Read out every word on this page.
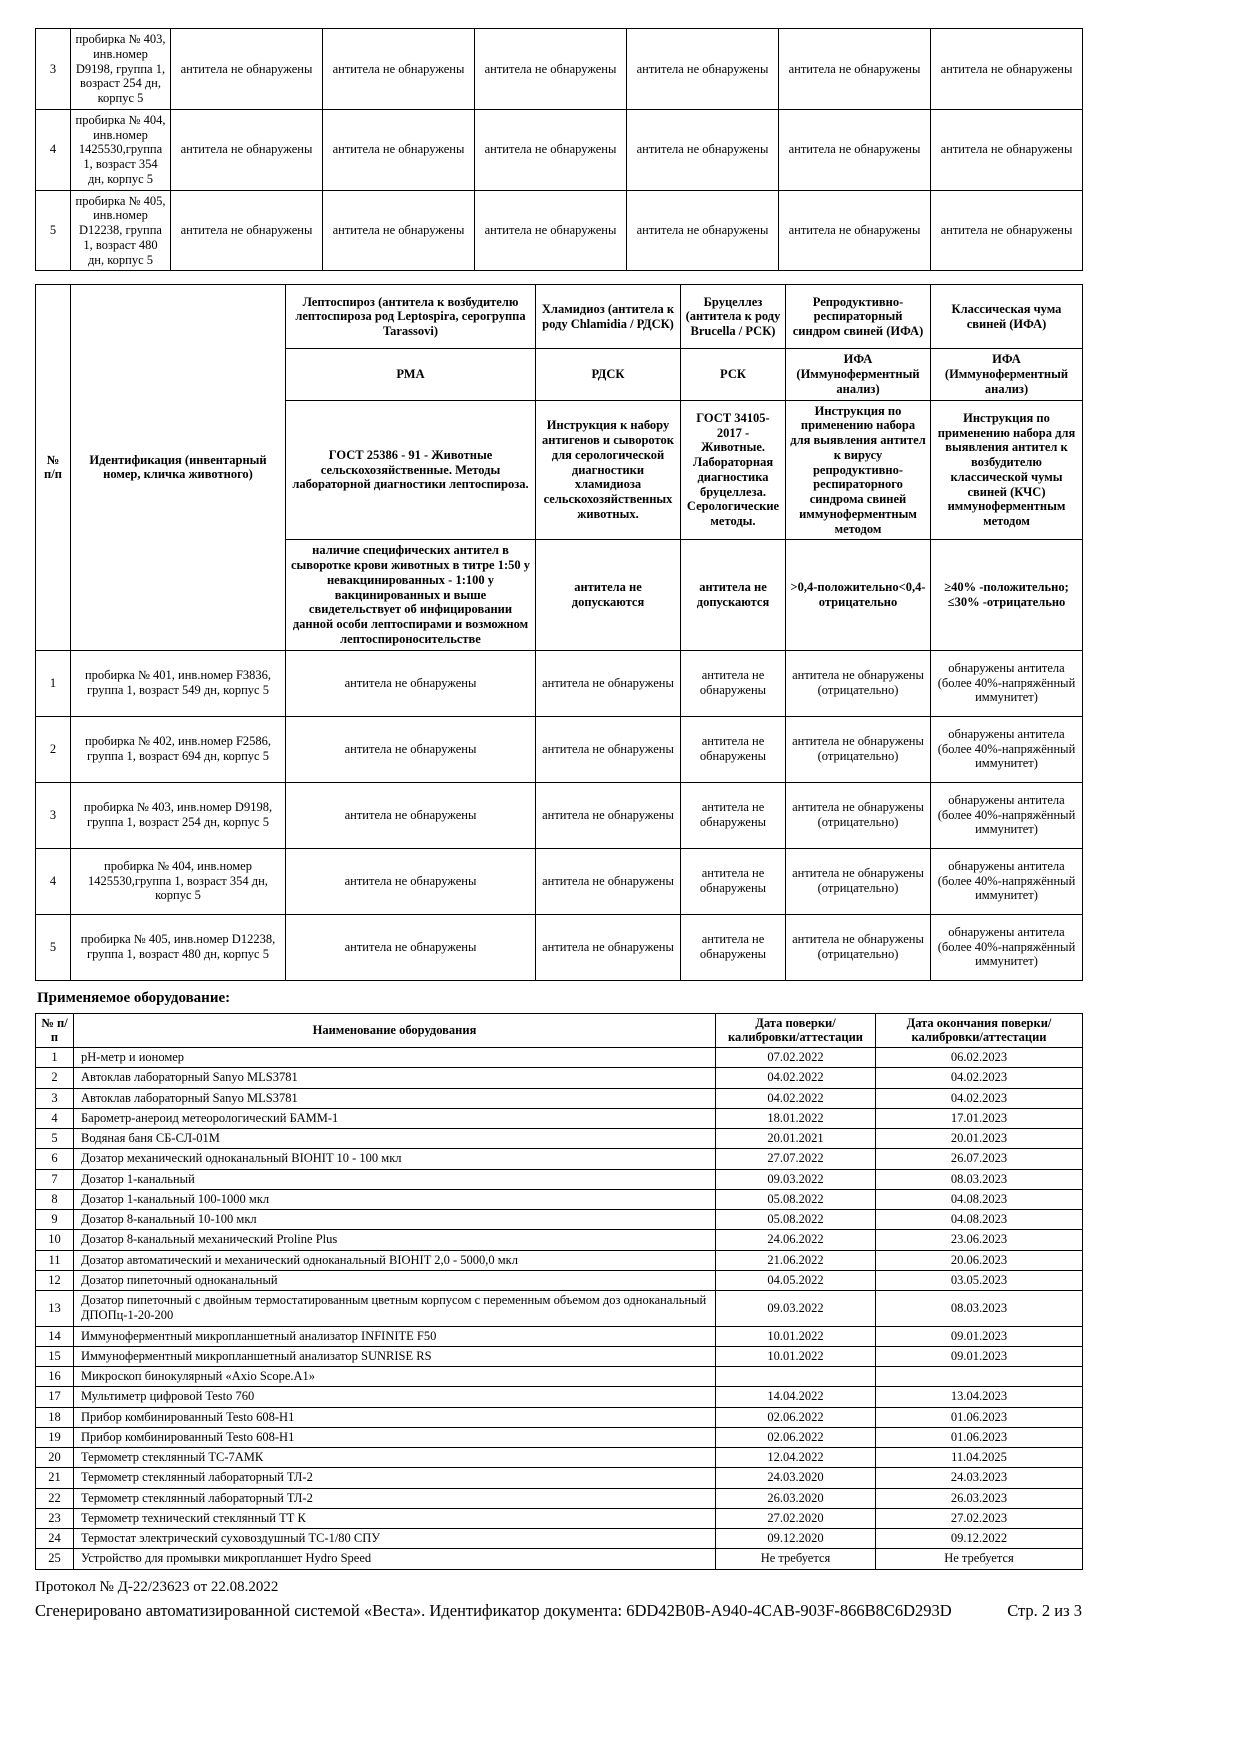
3	пробирка № 403, инв.номер D9198, группа 1, возраст 254 дн, корпус 5	антитела не обнаружены	антитела не обнаружены	антитела не обнаружены	антитела не обнаружены	антитела не обнаружены	антитела не обнаружены
4	пробирка № 404, инв.номер 1425530,группа 1, возраст 354 дн, корпус 5	антитела не обнаружены	антитела не обнаружены	антитела не обнаружены	антитела не обнаружены	антитела не обнаружены	антитела не обнаружены
5	пробирка № 405, инв.номер D12238, группа 1, возраст 480 дн, корпус 5	антитела не обнаружены	антитела не обнаружены	антитела не обнаружены	антитела не обнаружены	антитела не обнаружены	антитела не обнаружены
№ п/п	Идентификация (инвентарный номер, кличка животного)	Лептоспироз (антитела к возбудителю лептоспироза род Leptospira, серогруппа Tarassovi)	Хламидиоз (антитела к роду Chlamidia / РДСК)	Бруцеллез (антитела к роду Brucella / РСК)	Репродуктивно-респираторный синдром свиней (ИФА)	Классическая чума свиней (ИФА)
		РМА	РДСК	РСК	ИФА (Иммуноферментный анализ)	ИФА (Иммуноферментный анализ)
		ГОСТ 25386 - 91 - Животные сельскохозяйственные. Методы лабораторной диагностики лептоспироза.	Инструкция к набору антигенов и сывороток для серологической диагностики хламидиоза сельскохозяйственных животных.	ГОСТ 34105-2017 - Животные. Лабораторная диагностика бруцеллеза. Серологические методы.	Инструкция по применению набора для выявления антител к вирусу репродуктивно-респираторного синдрома свиней иммуноферментным методом	Инструкция по применению набора для выявления антител к возбудителю классической чумы свиней (КЧС) иммуноферментным методом
		наличие специфических антител в сыворотке крови животных в титре 1:50 у невакцинированных - 1:100 у вакцинированных и выше свидетельствует об инфицировании данной особи лептоспирами и возможном лептоспироносительстве	антитела не допускаются	антитела не допускаются	>0,4-положительно<0,4-отрицательно	≥40% -положительно; ≤30% -отрицательно
1	пробирка № 401, инв.номер F3836, группа 1, возраст 549 дн, корпус 5	антитела не обнаружены	антитела не обнаружены	антитела не обнаружены	антитела не обнаружены (отрицательно)	обнаружены антитела (более 40%-напряжённый иммунитет)
2	пробирка № 402, инв.номер F2586, группа 1, возраст 694 дн, корпус 5	антитела не обнаружены	антитела не обнаружены	антитела не обнаружены	антитела не обнаружены (отрицательно)	обнаружены антитела (более 40%-напряжённый иммунитет)
3	пробирка № 403, инв.номер D9198, группа 1, возраст 254 дн, корпус 5	антитела не обнаружены	антитела не обнаружены	антитела не обнаружены	антитела не обнаружены (отрицательно)	обнаружены антитела (более 40%-напряжённый иммунитет)
4	пробирка № 404, инв.номер 1425530,группа 1, возраст 354 дн, корпус 5	антитела не обнаружены	антитела не обнаружены	антитела не обнаружены	антитела не обнаружены (отрицательно)	обнаружены антитела (более 40%-напряжённый иммунитет)
5	пробирка № 405, инв.номер D12238, группа 1, возраст 480 дн, корпус 5	антитела не обнаружены	антитела не обнаружены	антитела не обнаружены	антитела не обнаружены (отрицательно)	обнаружены антитела (более 40%-напряжённый иммунитет)
Применяемое оборудование:
№ п/п	Наименование оборудования	Дата поверки/калибровки/аттестации	Дата окончания поверки/калибровки/аттестации
1	рН-метр и иономер	07.02.2022	06.02.2023
2	Автоклав лабораторный Sanyo MLS3781	04.02.2022	04.02.2023
3	Автоклав лабораторный Sanyo MLS3781	04.02.2022	04.02.2023
4	Барометр-анероид метеорологический БАММ-1	18.01.2022	17.01.2023
5	Водяная баня СБ-СЛ-01М	20.01.2021	20.01.2023
6	Дозатор механический одноканальный BIOHIT 10 - 100 мкл	27.07.2022	26.07.2023
7	Дозатор 1-канальный	09.03.2022	08.03.2023
8	Дозатор 1-канальный 100-1000 мкл	05.08.2022	04.08.2023
9	Дозатор 8-канальный 10-100 мкл	05.08.2022	04.08.2023
10	Дозатор 8-канальный механический Proline Plus	24.06.2022	23.06.2023
11	Дозатор автоматический и механический одноканальный BIOHIT 2,0 - 5000,0 мкл	21.06.2022	20.06.2023
12	Дозатор пипеточный одноканальный	04.05.2022	03.05.2023
13	Дозатор пипеточный с двойным термостатированным цветным корпусом с переменным объемом доз одноканальный ДПОПц-1-20-200	09.03.2022	08.03.2023
14	Иммуноферментный микропланшетный анализатор INFINITE F50	10.01.2022	09.01.2023
15	Иммуноферментный микропланшетный анализатор SUNRISE RS	10.01.2022	09.01.2023
16	Микроскоп бинокулярный «Axio Scope.A1»		
17	Мультиметр цифровой Testo 760	14.04.2022	13.04.2023
18	Прибор комбинированный Testo 608-H1	02.06.2022	01.06.2023
19	Прибор комбинированный Testo 608-H1	02.06.2022	01.06.2023
20	Термометр стеклянный ТС-7АМК	12.04.2022	11.04.2025
21	Термометр стеклянный лабораторный ТЛ-2	24.03.2020	24.03.2023
22	Термометр стеклянный лабораторный ТЛ-2	26.03.2020	26.03.2023
23	Термометр технический стеклянный ТТ К	27.02.2020	27.02.2023
24	Термостат электрический суховоздушный ТС-1/80 СПУ	09.12.2020	09.12.2022
25	Устройство для промывки микропланшет Hydro Speed	Не требуется	Не требуется
Протокол № Д-22/23623 от 22.08.2022
Сгенерировано автоматизированной системой «Веста». Идентификатор документа: 6DD42B0B-A940-4CAB-903F-866B8C6D293D	Стр. 2 из 3
